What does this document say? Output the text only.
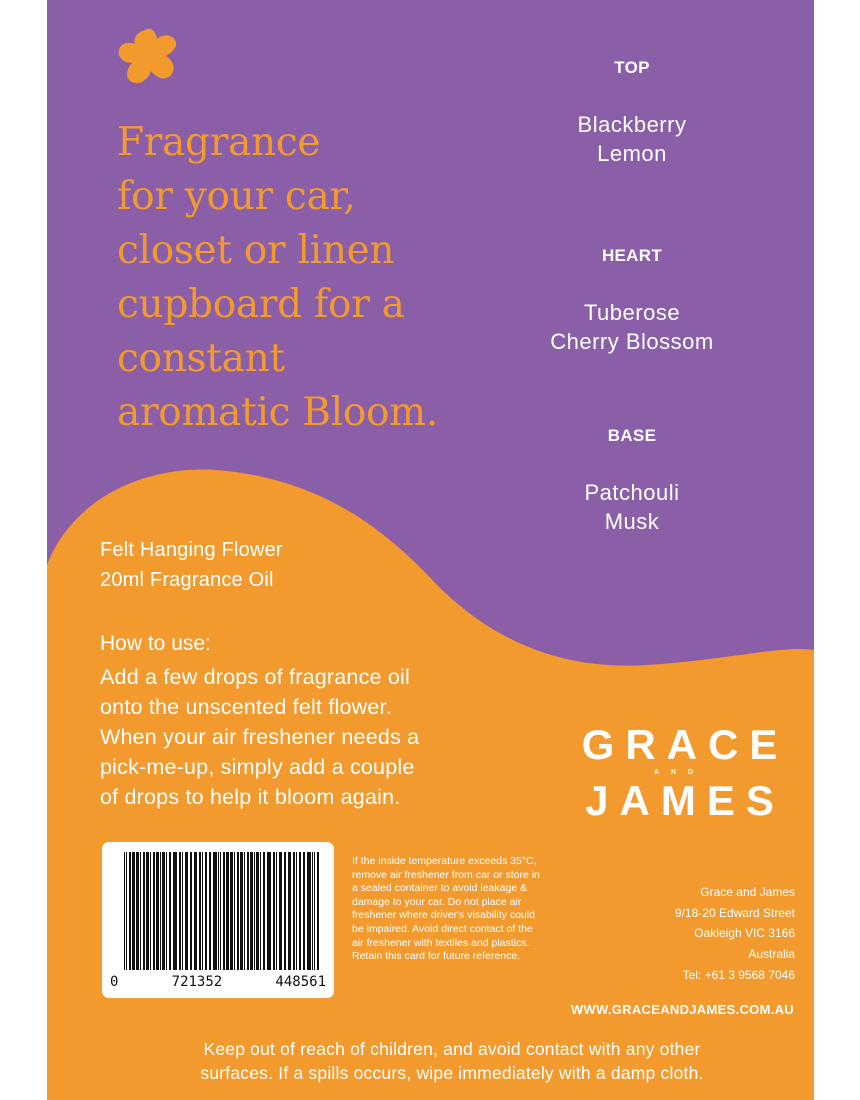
Fragrance
for your car,
closet or linen
cupboard for a
constant
aromatic Bloom.
TOP
Blackberry
Lemon
HEART
Tuberose
Cherry Blossom
BASE
Patchouli
Musk
Felt Hanging Flower
20ml Fragrance Oil
How to use:
Add a few drops of fragrance oil
onto the unscented felt flower.
When your air freshener needs a
pick-me-up, simply add a couple
of drops to help it bloom again.
GRACE
AND
JAMES
0	721352	448561
If the inside temperature exceeds 35°C,
remove air freshener from car or store in
a sealed container to avoid leakage &
damage to your car. Do not place air
freshener where driver's visability could
be impaired. Avoid direct contact of the
air freshener with textiles and plastics.
Retain this card for future reference.
Grace and James
9/18-20 Edward Street
Oakleigh VIC 3166
Australia
Tel: +61 3 9568 7046
WWW.GRACEANDJAMES.COM.AU
Keep out of reach of children, and avoid contact with any other
surfaces. If a spills occurs, wipe immediately with a damp cloth.
